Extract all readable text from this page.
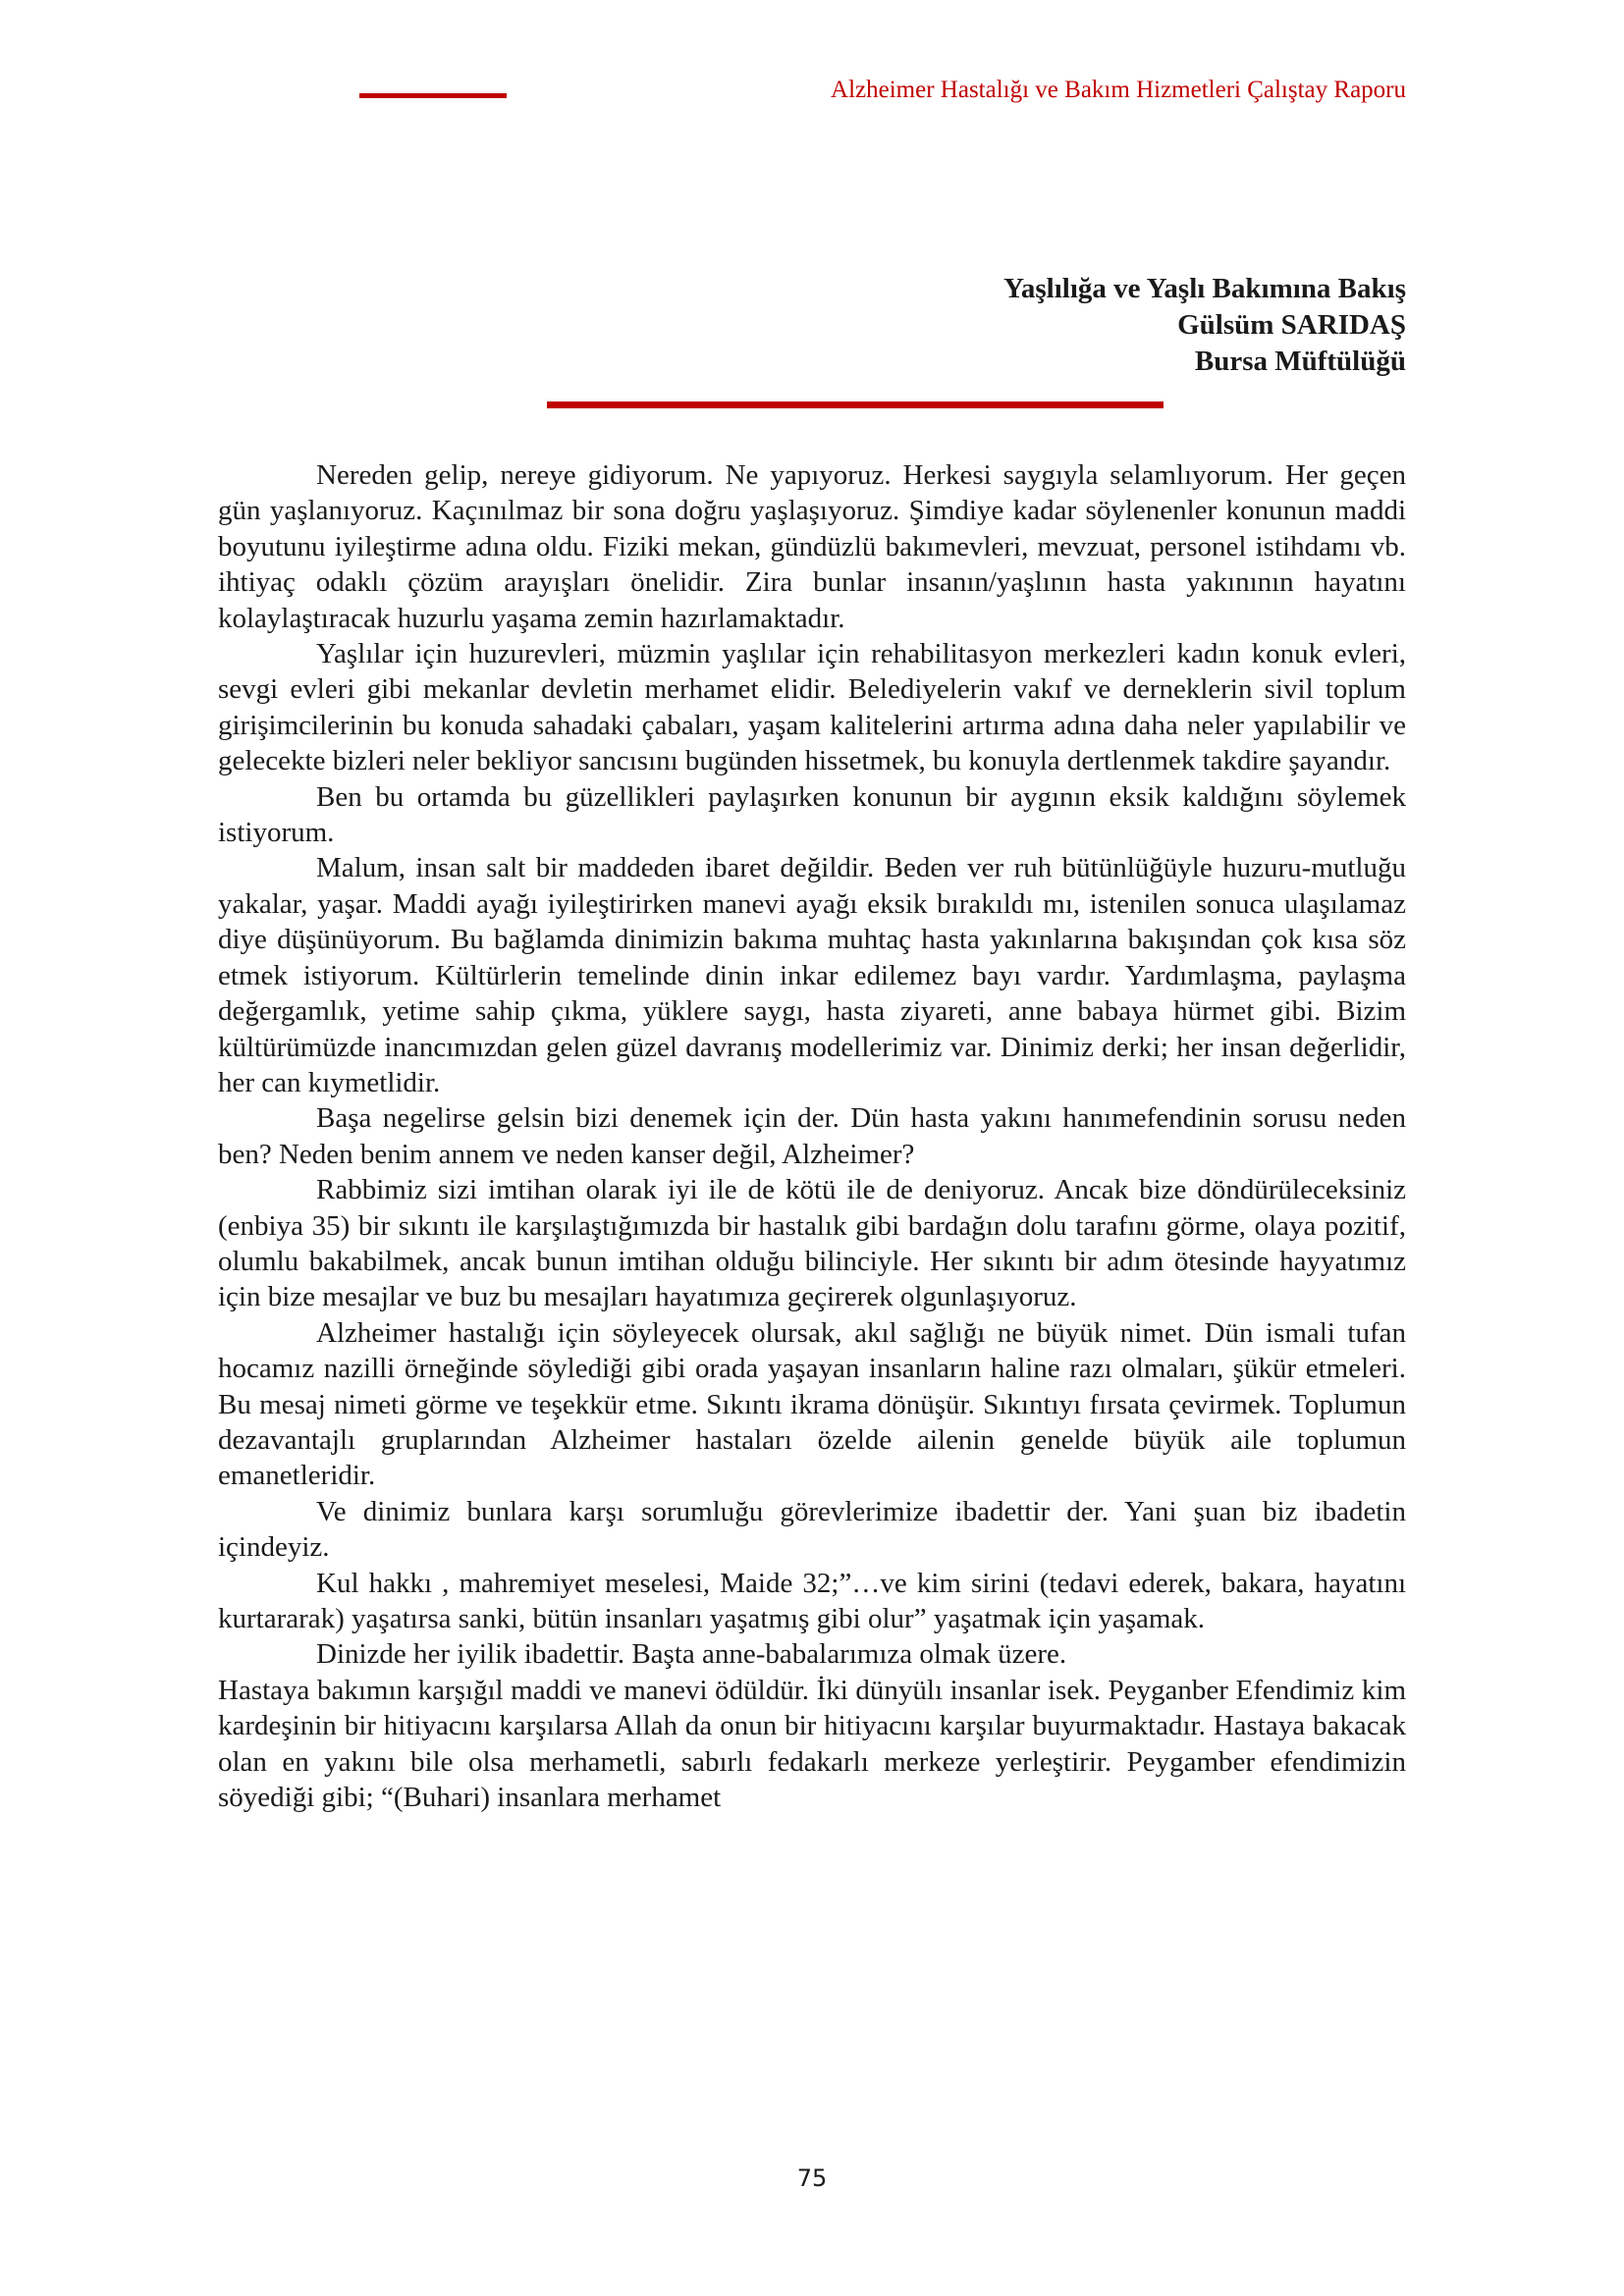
Alzheimer Hastalığı ve Bakım Hizmetleri Çalıştay Raporu
Yaşlılığa ve Yaşlı Bakımına Bakış
Gülsüm SARIDAŞ
Bursa Müftülüğü

Nereden gelip, nereye gidiyorum. Ne yapıyoruz. Herkesi saygıyla selamlıyorum. Her geçen gün yaşlanıyoruz. Kaçınılmaz bir sona doğru yaşlaşıyoruz. Şimdiye kadar söylenenler konunun maddi boyutunu iyileştirme adına oldu. Fiziki mekan, gündüzlü bakımevleri, mevzuat, personel istihdamı vb. ihtiyaç odaklı çözüm arayışları önelidir. Zira bunlar insanın/yaşlının hasta yakınının hayatını kolaylaştıracak huzurlu yaşama zemin hazırlamaktadır.

Yaşlılar için huzurevleri, müzmin yaşlılar için rehabilitasyon merkezleri kadın konuk evleri, sevgi evleri gibi mekanlar devletin merhamet elidir. Belediyelerin vakıf ve derneklerin sivil toplum girişimcilerinin bu konuda sahadaki çabaları, yaşam kalitelerini artırma adına daha neler yapılabilir ve gelecekte bizleri neler bekliyor sancısını bugünden hissetmek, bu konuyla dertlenmek takdire şayandır.

Ben bu ortamda bu güzellikleri paylaşırken konunun bir aygının eksik kaldığını söylemek istiyorum.

Malum, insan salt bir maddeden ibaret değildir. Beden ver ruh bütünlüğüyle huzuru-mutluğu yakalar, yaşar. Maddi ayağı iyileştirirken manevi ayağı eksik bırakıldı mı, istenilen sonuca ulaşılamaz diye düşünüyorum. Bu bağlamda dinimizin bakıma muhtaç hasta yakınlarına bakışından çok kısa söz etmek istiyorum. Kültürlerin temelinde dinin inkar edilemez bayı vardır. Yardımlaşma, paylaşma değergamlık, yetime sahip çıkma, yüklere saygı, hasta ziyareti, anne babaya hürmet gibi. Bizim kültürümüzde inancımızdan gelen güzel davranış modellerimiz var. Dinimiz derki; her insan değerlidir, her can kıymetlidir.

Başa negelirse gelsin bizi denemek için der. Dün hasta yakını hanımefendinin sorusu neden ben? Neden benim annem ve neden kanser değil, Alzheimer?

Rabbimiz sizi imtihan olarak iyi ile de kötü ile de deniyoruz. Ancak bize döndürüleceksiniz (enbiya 35) bir sıkıntı ile karşılaştığımızda bir hastalık gibi bardağın dolu tarafını görme, olaya pozitif, olumlu bakabilmek, ancak bunun imtihan olduğu bilinciyle. Her sıkıntı bir adım ötesinde hayyatımız için bize mesajlar ve buz bu mesajları hayatımıza geçirerek olgunlaşıyoruz.

Alzheimer hastalığı için söyleyecek olursak, akıl sağlığı ne büyük nimet. Dün ismali tufan hocamız nazilli örneğinde söylediği gibi orada yaşayan insanların haline razı olmaları, şükür etmeleri. Bu mesaj nimeti görme ve teşekkür etme. Sıkıntı ikrama dönüşür. Sıkıntıyı fırsata çevirmek. Toplumun dezavantajlı gruplarından Alzheimer hastaları özelde ailenin genelde büyük aile toplumun emanetleridir.

Ve dinimiz bunlara karşı sorumluğu görevlerimize ibadettir der. Yani şuan biz ibadetin içindeyiz.

Kul hakkı , mahremiyet meselesi, Maide 32;”…ve kim sirini (tedavi ederek, bakara, hayatını kurtararak) yaşatırsa sanki, bütün insanları yaşatmış gibi olur” yaşatmak için yaşamak.

Dinizde her iyilik ibadettir. Başta anne-babalarımıza olmak üzere.

Hastaya bakımın karşığıl maddi ve manevi ödüldür. İki dünyülı insanlar isek. Peyganber Efendimiz kim kardeşinin bir hitiyacını karşılarsa Allah da onun bir hitiyacını karşılar buyurmaktadır. Hastaya bakacak olan en yakını bile olsa merhametli, sabırlı fedakarlı merkeze yerleştirir. Peygamber efendimizin söyediği gibi; “(Buhari) insanlara merhamet

75
